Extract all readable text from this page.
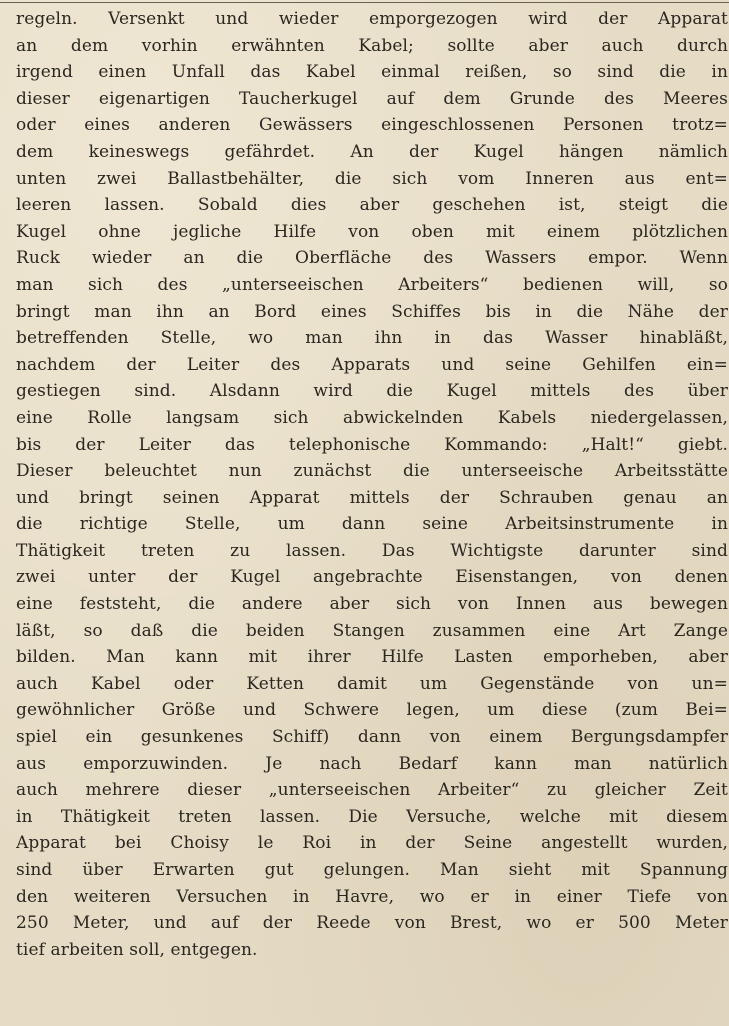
regeln. Versenkt und wieder emporgezogen wird der Apparat
an dem vorhin erwähnten Kabel; sollte aber auch durch
irgend einen Unfall das Kabel einmal reißen, so sind die in
dieser eigenartigen Taucherkugel auf dem Grunde des Meeres
oder eines anderen Gewässers eingeschlossenen Personen trotz=
dem keineswegs gefährdet. An der Kugel hängen nämlich
unten zwei Ballastbehälter, die sich vom Inneren aus ent=
leeren lassen. Sobald dies aber geschehen ist, steigt die
Kugel ohne jegliche Hilfe von oben mit einem plötzlichen
Ruck wieder an die Oberfläche des Wassers empor. Wenn
man sich des „unterseeischen Arbeiters“ bedienen will, so
bringt man ihn an Bord eines Schiffes bis in die Nähe der
betreffenden Stelle, wo man ihn in das Wasser hinabläßt,
nachdem der Leiter des Apparats und seine Gehilfen ein=
gestiegen sind. Alsdann wird die Kugel mittels des über
eine Rolle langsam sich abwickelnden Kabels niedergelassen,
bis der Leiter das telephonische Kommando: „Halt!“ giebt.
Dieser beleuchtet nun zunächst die unterseeische Arbeitsstätte
und bringt seinen Apparat mittels der Schrauben genau an
die richtige Stelle, um dann seine Arbeitsinstrumente in
Thätigkeit treten zu lassen. Das Wichtigste darunter sind
zwei unter der Kugel angebrachte Eisenstangen, von denen
eine feststeht, die andere aber sich von Innen aus bewegen
läßt, so daß die beiden Stangen zusammen eine Art Zange
bilden. Man kann mit ihrer Hilfe Lasten emporheben, aber
auch Kabel oder Ketten damit um Gegenstände von un=
gewöhnlicher Größe und Schwere legen, um diese (zum Bei=
spiel ein gesunkenes Schiff) dann von einem Bergungsdampfer
aus emporzuwinden. Je nach Bedarf kann man natürlich
auch mehrere dieser „unterseeischen Arbeiter“ zu gleicher Zeit
in Thätigkeit treten lassen. Die Versuche, welche mit diesem
Apparat bei Choisy le Roi in der Seine angestellt wurden,
sind über Erwarten gut gelungen. Man sieht mit Spannung
den weiteren Versuchen in Havre, wo er in einer Tiefe von
250 Meter, und auf der Reede von Brest, wo er 500 Meter
tief arbeiten soll, entgegen.
